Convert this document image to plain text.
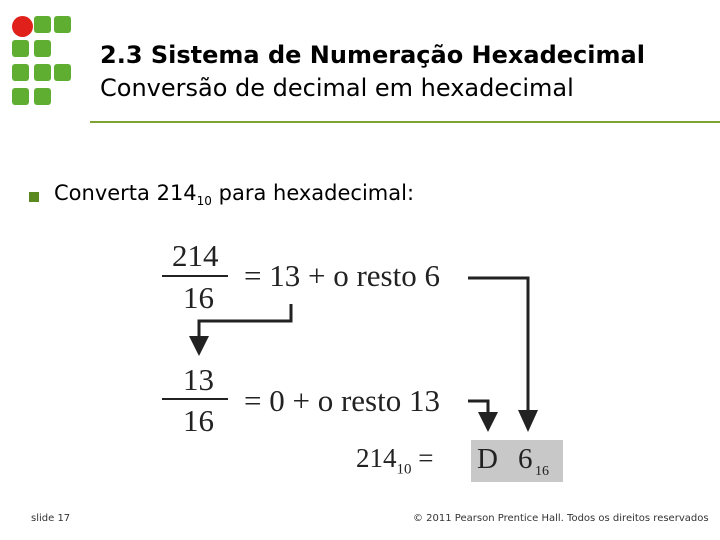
2.3 Sistema de Numeração Hexadecimal
Conversão de decimal em hexadecimal
Converta $214_{10}$ para hexadecimal:
214
16
= 13 + o resto 6
13
16
= 0 + o resto 13
$214_{10} = D$ 6 16
slide 17	© 2011 Pearson Prentice Hall. Todos os direitos reservados
